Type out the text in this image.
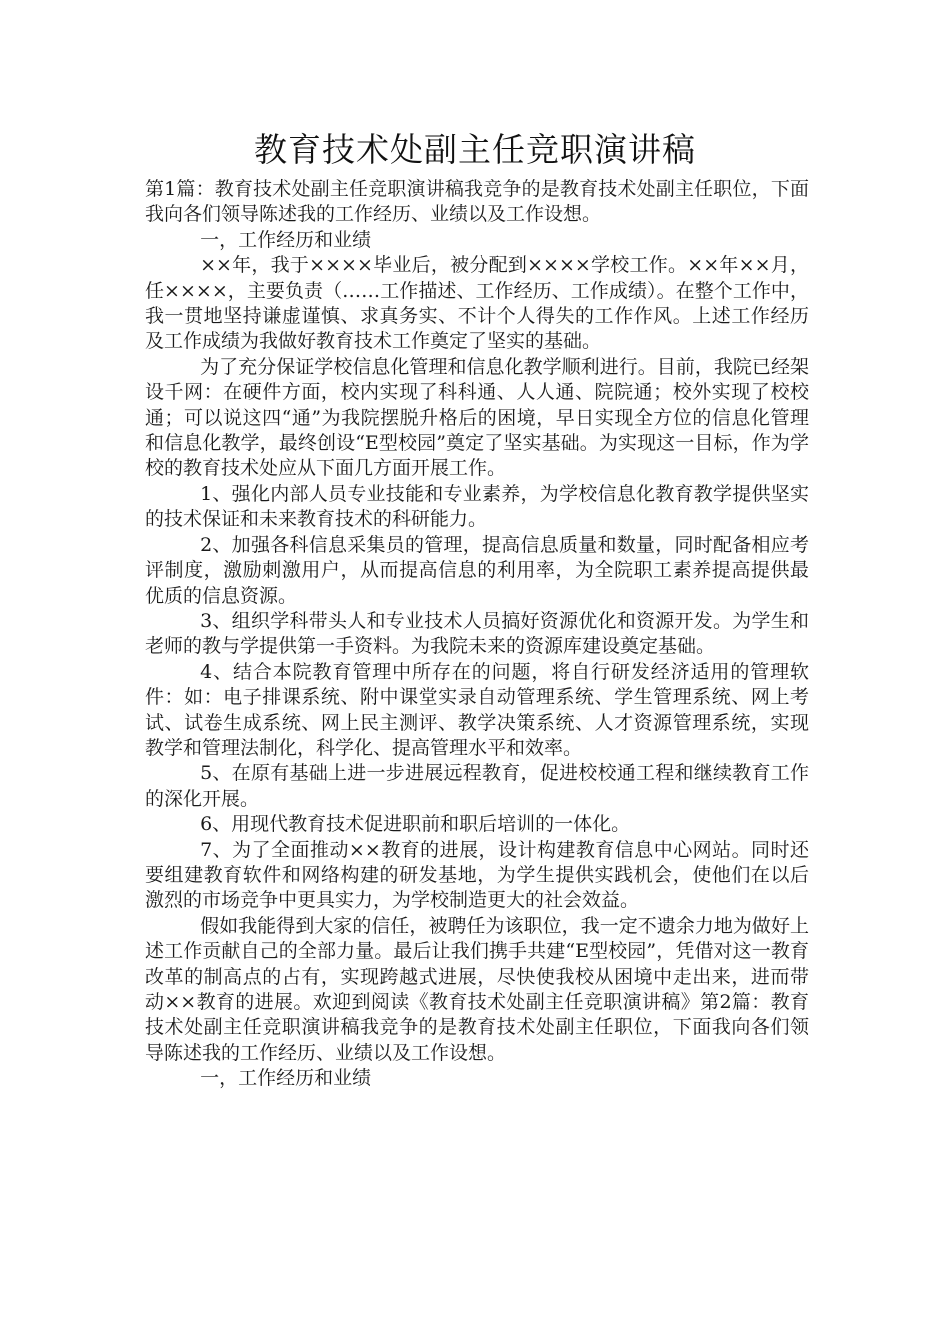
教育技术处副主任竞职演讲稿

第1篇：教育技术处副主任竞职演讲稿我竞争的是教育技术处副主任职位，下面我向各们领导陈述我的工作经历、业绩以及工作设想。

一，工作经历和业绩

××年，我于××××毕业后，被分配到××××学校工作。××年××月，任××××，主要负责（……工作描述、工作经历、工作成绩）。在整个工作中，我一贯地坚持谦虚谨慎、求真务实、不计个人得失的工作作风。上述工作经历及工作成绩为我做好教育技术工作奠定了坚实的基础。

为了充分保证学校信息化管理和信息化教学顺利进行。目前，我院已经架设千网：在硬件方面，校内实现了科科通、人人通、院院通；校外实现了校校通；可以说这四“通”为我院摆脱升格后的困境，早日实现全方位的信息化管理和信息化教学，最终创设“E型校园”奠定了坚实基础。为实现这一目标，作为学校的教育技术处应从下面几方面开展工作。

1、强化内部人员专业技能和专业素养，为学校信息化教育教学提供坚实的技术保证和未来教育技术的科研能力。

2、加强各科信息采集员的管理，提高信息质量和数量，同时配备相应考评制度，激励刺激用户，从而提高信息的利用率，为全院职工素养提高提供最优质的信息资源。

3、组织学科带头人和专业技术人员搞好资源优化和资源开发。为学生和老师的教与学提供第一手资料。为我院未来的资源库建设奠定基础。

4、结合本院教育管理中所存在的问题，将自行研发经济适用的管理软件：如：电子排课系统、附中课堂实录自动管理系统、学生管理系统、网上考试、试卷生成系统、网上民主测评、教学决策系统、人才资源管理系统，实现教学和管理法制化，科学化、提高管理水平和效率。

5、在原有基础上进一步进展远程教育，促进校校通工程和继续教育工作的深化开展。

6、用现代教育技术促进职前和职后培训的一体化。

7、为了全面推动××教育的进展，设计构建教育信息中心网站。同时还要组建教育软件和网络构建的研发基地，为学生提供实践机会，使他们在以后激烈的市场竞争中更具实力，为学校制造更大的社会效益。

假如我能得到大家的信任，被聘任为该职位，我一定不遗余力地为做好上述工作贡献自己的全部力量。最后让我们携手共建“E型校园”，凭借对这一教育改革的制高点的占有，实现跨越式进展，尽快使我校从困境中走出来，进而带动××教育的进展。欢迎到阅读《教育技术处副主任竞职演讲稿》第2篇：教育技术处副主任竞职演讲稿我竞争的是教育技术处副主任职位，下面我向各们领导陈述我的工作经历、业绩以及工作设想。

一，工作经历和业绩
